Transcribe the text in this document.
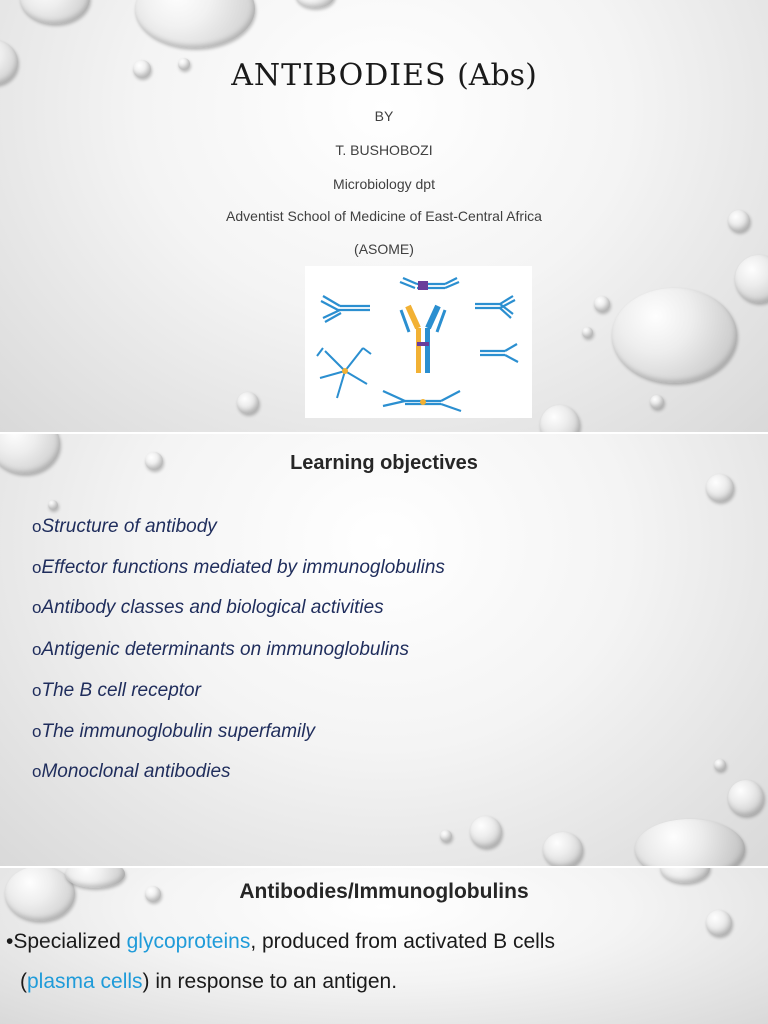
ANTIBODIES (Abs)
BY
T. BUSHOBOZI
Microbiology dpt
Adventist School of Medicine of East-Central Africa
(ASOME)
Learning objectives
oStructure of antibody
oEffector functions mediated by immunoglobulins
oAntibody classes and biological activities
oAntigenic determinants on immunoglobulins
oThe B cell receptor
oThe immunoglobulin superfamily
oMonoclonal antibodies
Antibodies/Immunoglobulins
•Specialized glycoproteins, produced from activated B cells
(plasma cells) in response to an antigen.
